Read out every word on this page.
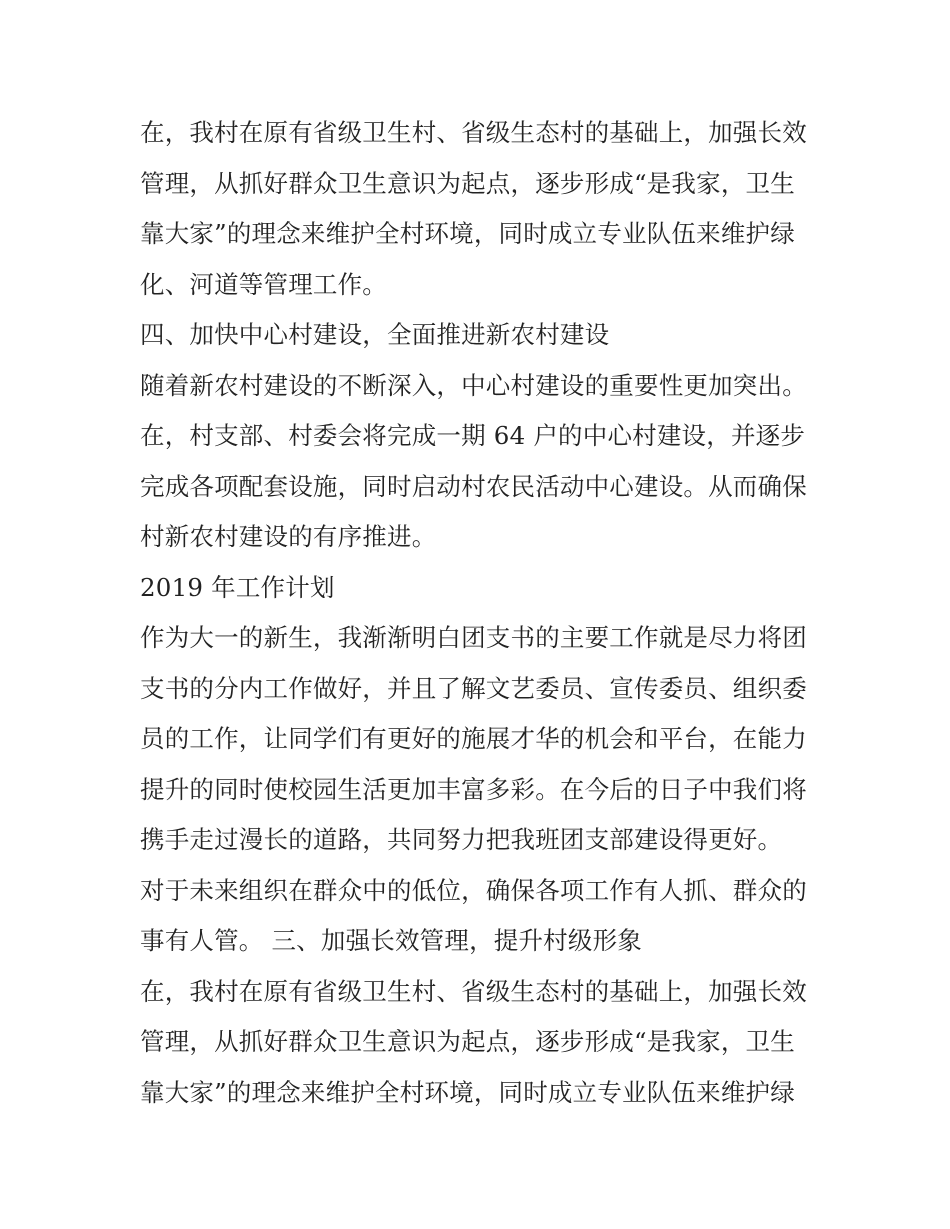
在，我村在原有省级卫生村、省级生态村的基础上，加强长效
管理，从抓好群众卫生意识为起点，逐步形成“是我家，卫生
靠大家”的理念来维护全村环境，同时成立专业队伍来维护绿
化、河道等管理工作。
四、加快中心村建设，全面推进新农村建设
随着新农村建设的不断深入，中心村建设的重要性更加突出。
在，村支部、村委会将完成一期 64 户的中心村建设，并逐步
完成各项配套设施，同时启动村农民活动中心建设。从而确保
村新农村建设的有序推进。
2019 年工作计划
作为大一的新生，我渐渐明白团支书的主要工作就是尽力将团
支书的分内工作做好，并且了解文艺委员、宣传委员、组织委
员的工作，让同学们有更好的施展才华的机会和平台，在能力
提升的同时使校园生活更加丰富多彩。在今后的日子中我们将
携手走过漫长的道路，共同努力把我班团支部建设得更好。
对于未来组织在群众中的低位，确保各项工作有人抓、群众的
事有人管。 三、加强长效管理，提升村级形象
在，我村在原有省级卫生村、省级生态村的基础上，加强长效
管理，从抓好群众卫生意识为起点，逐步形成“是我家，卫生
靠大家”的理念来维护全村环境，同时成立专业队伍来维护绿
